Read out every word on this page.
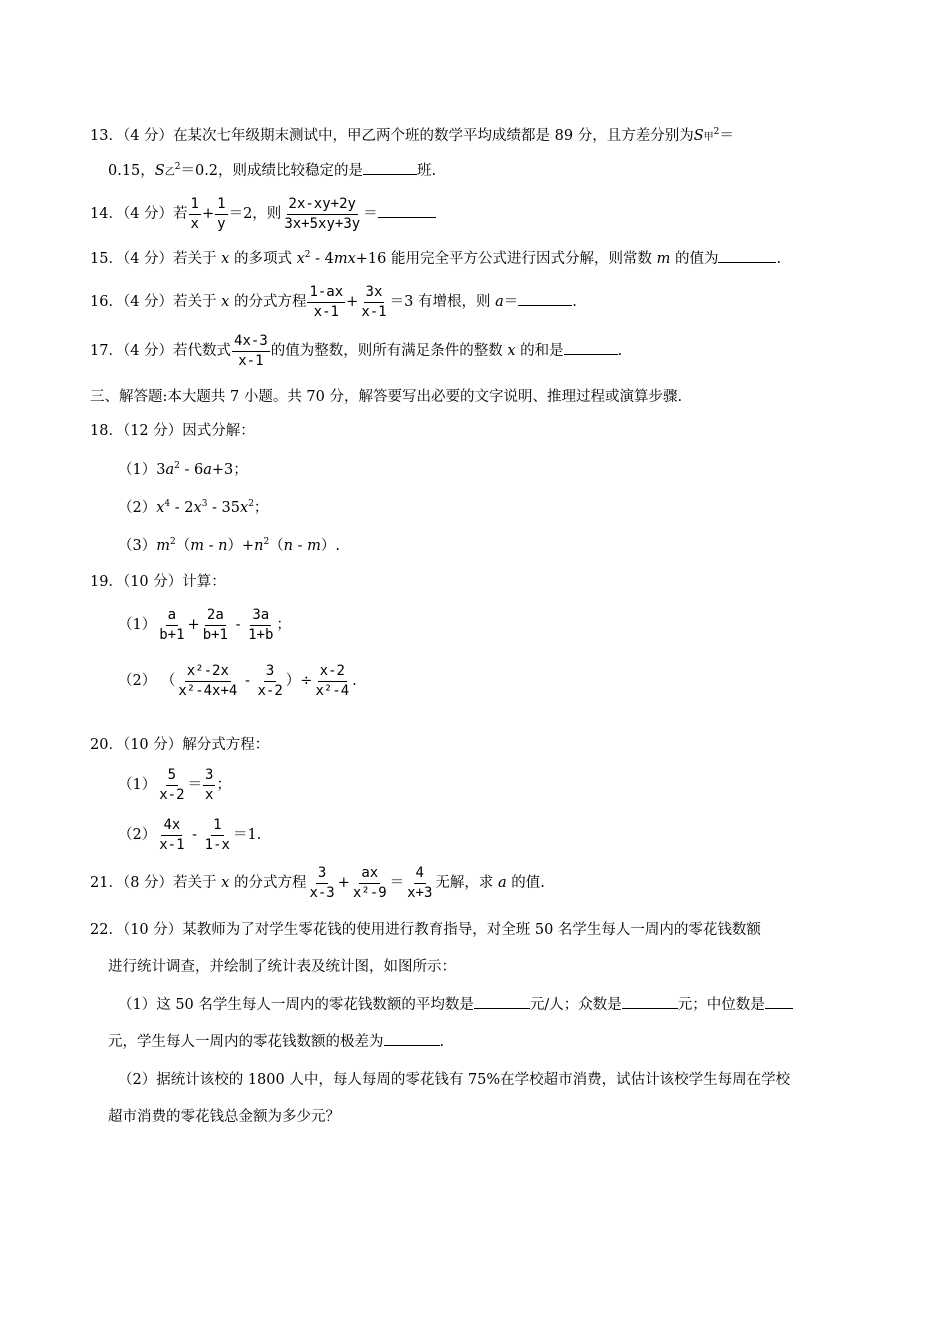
13．（4 分）在某次七年级期末测试中，甲乙两个班的数学平均成绩都是 89 分，且方差分别为S甲$^2$＝
0.15，S乙$^2$＝0.2，则成绩比较稳定的是	班.
14．（4 分）若 $\frac{1}{x} + \frac{1}{y} =2$，则 $\frac{2x-xy+2y}{3x+5xy+3y}$ ＝
15．（4 分）若关于 x 的多项式 $x^2 - 4mx+16$ 能用完全平方公式进行因式分解，则常数 m 的值为	.
16．（4 分）若关于 x 的分式方程 $\frac{1-ax}{x-1} + \frac{3x}{x-1} =3$ 有增根，则 a＝	.
17．（4 分）若代数式 $\frac{4x-3}{x-1}$ 的值为整数，则所有满足条件的整数 x 的和是	.
三、解答题:本大题共 7 小题。共 70 分，解答要写出必要的文字说明、推理过程或演算步骤.
18．（12 分）因式分解：
$(1)3a^2 - 6a+3$；
$(2)x^4 - 2x^3 - 35x^2$；
$(3)m^2(m - n)+n^2(n - m)$.
19．（10 分）计算：
$(1) \frac{a}{b+1} + \frac{2a}{b+1} - \frac{3a}{1+b}$ ；
（2） （ $\frac{\text{x²-2x}}{\text{x²-4x+4}} - \frac{3}{x-2}$ ）÷ $\frac{x-2}{\text{x²-4}}$ .
20．（10 分）解分式方程：
$(1) \frac{5}{x-2} = \frac{3}{x}$ ；
$(2) \frac{4x}{x-1} - \frac{1}{1-x} =1$.
21．（8 分）若关于 x 的分式方程 $\frac{3}{x-3} + \frac{ax}{\text{x²-9}} = \frac{4}{x+3}$ 无解，求 a 的值.
22．（10 分）某教师为了对学生零花钱的使用进行教育指导，对全班 50 名学生每人一周内的零花钱数额
进行统计调查，并绘制了统计表及统计图，如图所示：
（1）这 50 名学生每人一周内的零花钱数额的平均数是	元/人；众数是	元；中位数是
元，学生每人一周内的零花钱数额的极差为	.
（2）据统计该校的 1800 人中，每人每周的零花钱有 75%在学校超市消费，试估计该校学生每周在学校
超市消费的零花钱总金额为多少元？
